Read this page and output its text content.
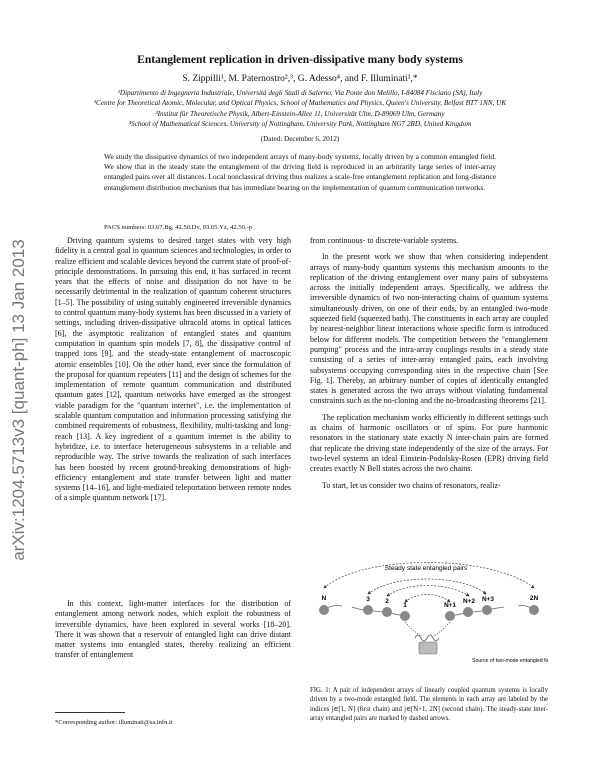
Entanglement replication in driven-dissipative many body systems
S. Zippilli¹, M. Paternostro²,³, G. Adesso⁴, and F. Illuminati¹,*
¹Dipartimento di Ingegneria Industriale, Università degli Studi di Salerno, Via Ponte don Melillo, I-84084 Fisciano (SA), Italy
²Centre for Theoretical Atomic, Molecular, and Optical Physics, School of Mathematics and Physics, Queen's University, Belfast BT7 1NN, UK
³Institut für Theoretische Physik, Albert-Einstein-Allee 11, Universität Ulm, D-89069 Ulm, Germany
⁴School of Mathematical Sciences, University of Nottingham, University Park, Nottingham NG7 2RD, United Kingdom
(Dated: December 6, 2012)
We study the dissipative dynamics of two independent arrays of many-body systems, locally driven by a common entangled field. We show that in the steady state the entanglement of the driving field is reproduced in an arbitrarily large series of inter-array entangled pairs over all distances. Local nonclassical driving thus realizes a scale-free entanglement replication and long-distance entanglement distribution mechanism that has immediate bearing on the implementation of quantum communication networks.
PACS numbers: 03.67.Bg, 42.50.Dv, 03.65.Yz, 42.50.-p
arXiv:1204.5713v3 [quant-ph] 13 Jan 2013	Driving quantum systems to desired target states with very high fidelity is a central goal in quantum sciences and technologies, in order to realize efficient and scalable devices beyond the current state of proof-of-principle demonstrations. In pursuing this end, it has surfaced in recent years that the effects of noise and dissipation do not have to be necessarily detrimental in the realization of quantum coherent structures [1–5]. The possibility of using suitably engineered irreversible dynamics to control quantum many-body systems has been discussed in a variety of settings, including driven-dissipative ultracold atoms in optical lattices [6], the asymptotic realization of entangled states and quantum computation in quantum spin models [7, 8], the dissipative control of trapped ions [9], and the steady-state entanglement of macroscopic atomic ensembles [10]. On the other hand, ever since the formulation of the proposal for quantum repeaters [11] and the design of schemes for the implementation of remote quantum communication and distributed quantum gates [12], quantum networks have emerged as the strongest viable paradigm for the "quantum internet", i.e. the implementation of scalable quantum computation and information processing satisfying the combined requirements of robustness, flexibility, multi-tasking and long-reach [13]. A key ingredient of a quantum internet is the ability to hybridize, i.e. to interface heterogeneous subsystems in a reliable and reproducible way. The strive towards the realization of such interfaces has been boosted by recent ground-breaking demonstrations of high-efficiency entanglement and state transfer between light and matter systems [14–16], and light-mediated teleportation between remote nodes of a simple quantum network [17].

In this context, light-matter interfaces for the distribution of entanglement among network nodes, which exploit the robustness of irreversible dynamics, have been explored in several works [18–20]. There it was shown that a reservoir of entangled light can drive distant matter systems into entangled states, thereby realizing an efficient transfer of entanglement

from continuous- to discrete-variable systems.

In the present work we show that when considering independent arrays of many-body quantum systems this mechanism amounts to the replication of the driving entanglement over many pairs of subsystems across the initially independent arrays. Specifically, we address the irreversible dynamics of two non-interacting chains of quantum systems simultaneously driven, on one of their ends, by an entangled two-mode squeezed field (squeezed bath). The constituents in each array are coupled by nearest-neighbor linear interactions whose specific form is introduced below for different models. The competition between the "entanglement pumping" process and the intra-array couplings results in a steady state consisting of a series of inter-array entangled pairs, each involving subsystems occupying corresponding sites in the respective chain [See Fig. 1]. Thereby, an arbitrary number of copies of identically entangled states is generated across the two arrays without violating fundamental constraints such as the no-cloning and the no-broadcasting theorems [21].

The replication mechanism works efficiently in different settings such as chains of harmonic oscillators or of spins. For pure harmonic resonators in the stationary state exactly N inter-chain pairs are formed that replicate the driving state independently of the size of the arrays. For two-level systems an ideal Einstein-Podolsky-Rosen (EPR) driving field creates exactly N Bell states across the two chains.

To start, let us consider two chains of resonators, realiz-

Steady state entangled pairs
N	3 2
1	N+1
N+2 N+3	2N
Source of two-mode entangled field
FIG. 1: A pair of independent arrays of linearly coupled quantum systems is locally driven by a two-mode entangled field. The elements in each array are labeled by the indices j∈[1, N] (first chain) and j∈[N+1, 2N] (second chain). The steady-state inter-array entangled pairs are marked by dashed arrows.
*Corresponding author: illuminati@sa.infn.it
